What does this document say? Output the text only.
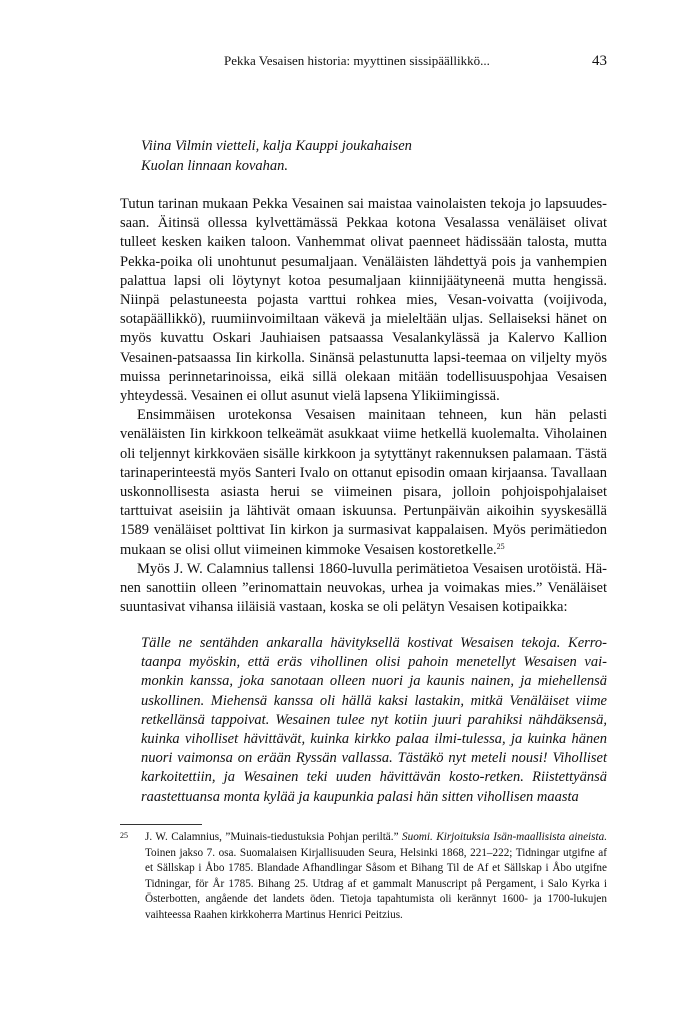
Pekka Vesaisen historia: myyttinen sissipäällikkö...	43
Viina Vilmin vietteli, kalja Kauppi joukahaisen
Kuolan linnaan kovahan.

Tutun tarinan mukaan Pekka Vesainen sai maistaa vainolaisten tekoja jo lapsuudessaan. Äitinsä ollessa kylvettämässä Pekkaa kotona Vesalassa venäläiset olivat tulleet kesken kaiken taloon. Vanhemmat olivat paenneet hädissään talosta, mutta Pekka-poika oli unohtunut pesumaljaan. Venäläisten lähdettyä pois ja vanhempien palattua lapsi oli löytynyt kotoa pesumaljaan kiinnijäätyneenä mutta hengissä. Niinpä pelastuneesta pojasta varttui rohkea mies, Vesan-voivatta (voijivoda, sotapäällikkö), ruumiinvoimiltaan väkevä ja mieleltään uljas. Sellaiseksi hänet on myös kuvattu Oskari Jauhiaisen patsaassa Vesalankylässä ja Kalervo Kallion Vesainen-patsaassa Iin kirkolla. Sinänsä pelastunutta lapsi-teemaa on viljelty myös muissa perinnetarinoissa, eikä sillä olekaan mitään todellisuuspohjaa Vesaisen yhteydessä. Vesainen ei ollut asunut vielä lapsena Ylikiimingissä.

Ensimmäisen urotekonsa Vesaisen mainitaan tehneen, kun hän pelasti venäläisten Iin kirkkoon telkeämät asukkaat viime hetkellä kuolemalta. Viholainen oli teljennyt kirkkoväen sisälle kirkkoon ja sytyttänyt rakennuksen palamaan. Tästä tarinaperinteestä myös Santeri Ivalo on ottanut episodin omaan kirjaansa. Tavallaan uskonnollisesta asiasta herui se viimeinen pisara, jolloin pohjoispohjalaiset tarttuivat aseisiin ja lähtivät omaan iskuunsa. Pertunpäivän aikoihin syyskesällä 1589 venäläiset polttivat Iin kirkon ja surmasivat kappalaisen. Myös perimätiedon mukaan se olisi ollut viimeinen kimmoke Vesaisen kostoretkelle.$^{25}$

Myös J. W. Calamnius tallensi 1860-luvulla perimätietoa Vesaisen urotöistä. Hänen sanottiin olleen ”erinomattain neuvokas, urhea ja voimakas mies.” Venäläiset suuntasivat vihansa iiläisiä vastaan, koska se oli pelätyn Vesaisen kotipaikka:

Tälle ne sentähden ankaralla hävityksellä kostivat Wesaisen tekoja. Kerrotaanpa myöskin, että eräs vihollinen olisi pahoin menetellyt Wesaisen vaimonkin kanssa, joka sanotaan olleen nuori ja kaunis nainen, ja miehellensä uskollinen. Miehensä kanssa oli hällä kaksi lastakin, mitkä Venäläiset viime retkellänsä tappoivat. Wesainen tulee nyt kotiin juuri parahiksi nähdäksensä, kuinka viholliset hävittävät, kuinka kirkko palaa ilmi-tulessa, ja kuinka hänen nuori vaimonsa on erään Ryssän vallassa. Tästäkö nyt meteli nousi! Viholliset karkoitettiin, ja Wesainen teki uuden hävittävän kosto-retken. Riistettyänsä raastettuansa monta kylää ja kaupunkia palasi hän sitten vihollisen maasta

25 J. W. Calamnius, ”Muinais-tiedustuksia Pohjan periltä.” Suomi. Kirjoituksia Isän-maallisista aineista. Toinen jakso 7. osa. Suomalaisen Kirjallisuuden Seura, Helsinki 1868, 221–222; Tidningar utgifne af et Sällskap i Åbo 1785. Blandade Afhandlingar Såsom et Bihang Til de Af et Sällskap i Åbo utgifne Tidningar, för År 1785. Bihang 25. Utdrag af et gammalt Manuscript på Pergament, i Salo Kyrka i Österbotten, angående det landets öden. Tietoja tapahtumista oli kerännyt 1600- ja 1700-lukujen vaihteessa Raahen kirkkoherra Martinus Henrici Peitzius.
